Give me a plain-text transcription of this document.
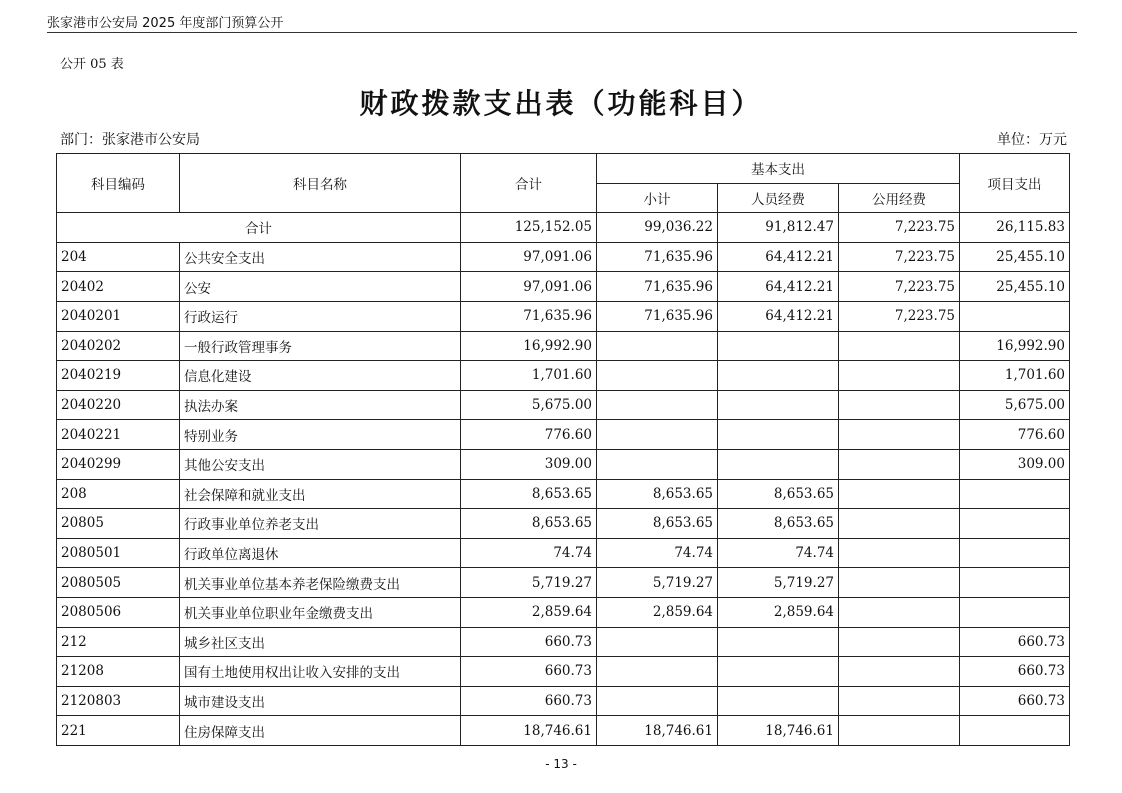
张家港市公安局 2025 年度部门预算公开
公开 05 表
财政拨款支出表（功能科目）
部门：张家港市公安局	单位：万元
科目编码	科目名称	合计	基本支出			项目支出
			小计	人员经费	公用经费	
合计		125,152.05	99,036.22	91,812.47	7,223.75	26,115.83
204	公共安全支出	97,091.06	71,635.96	64,412.21	7,223.75	25,455.10
20402	公安	97,091.06	71,635.96	64,412.21	7,223.75	25,455.10
2040201	行政运行	71,635.96	71,635.96	64,412.21	7,223.75	
2040202	一般行政管理事务	16,992.90				16,992.90
2040219	信息化建设	1,701.60				1,701.60
2040220	执法办案	5,675.00				5,675.00
2040221	特别业务	776.60				776.60
2040299	其他公安支出	309.00				309.00
208	社会保障和就业支出	8,653.65	8,653.65	8,653.65		
20805	行政事业单位养老支出	8,653.65	8,653.65	8,653.65		
2080501	行政单位离退休	74.74	74.74	74.74		
2080505	机关事业单位基本养老保险缴费支出	5,719.27	5,719.27	5,719.27		
2080506	机关事业单位职业年金缴费支出	2,859.64	2,859.64	2,859.64		
212	城乡社区支出	660.73				660.73
21208	国有土地使用权出让收入安排的支出	660.73				660.73
2120803	城市建设支出	660.73				660.73
221	住房保障支出	18,746.61	18,746.61	18,746.61		
- 13 -
